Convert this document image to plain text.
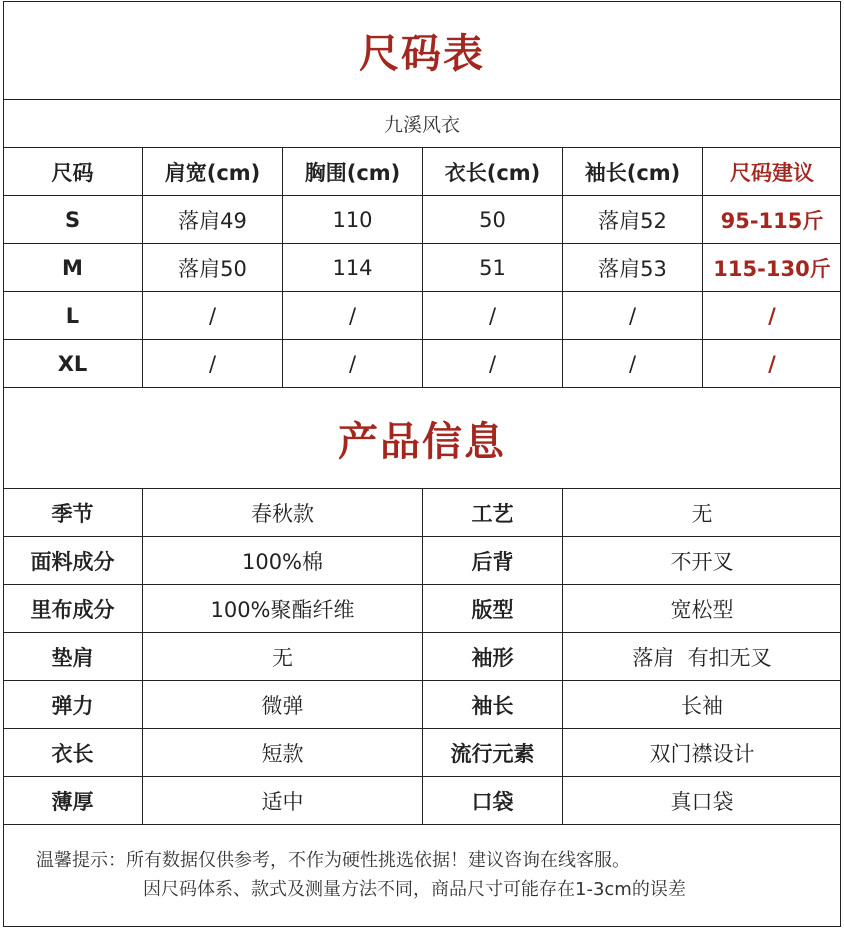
尺码表
九溪风衣
尺码	肩宽(cm)	胸围(cm)	衣长(cm)	袖长(cm)	尺码建议
S	落肩49	110	50	落肩52	95-115斤
M	落肩50	114	51	落肩53	115-130斤
L	/	/	/	/	/
XL	/	/	/	/	/
产品信息
季节	春秋款	工艺	无
面料成分	100%棉	后背	不开叉
里布成分	100%聚酯纤维	版型	宽松型
垫肩	无	袖形	落肩  有扣无叉
弹力	微弹	袖长	长袖
衣长	短款	流行元素	双门襟设计
薄厚	适中	口袋	真口袋
温馨提示：所有数据仅供参考，不作为硬性挑选依据！建议咨询在线客服。
因尺码体系、款式及测量方法不同，商品尺寸可能存在1-3cm的误差
